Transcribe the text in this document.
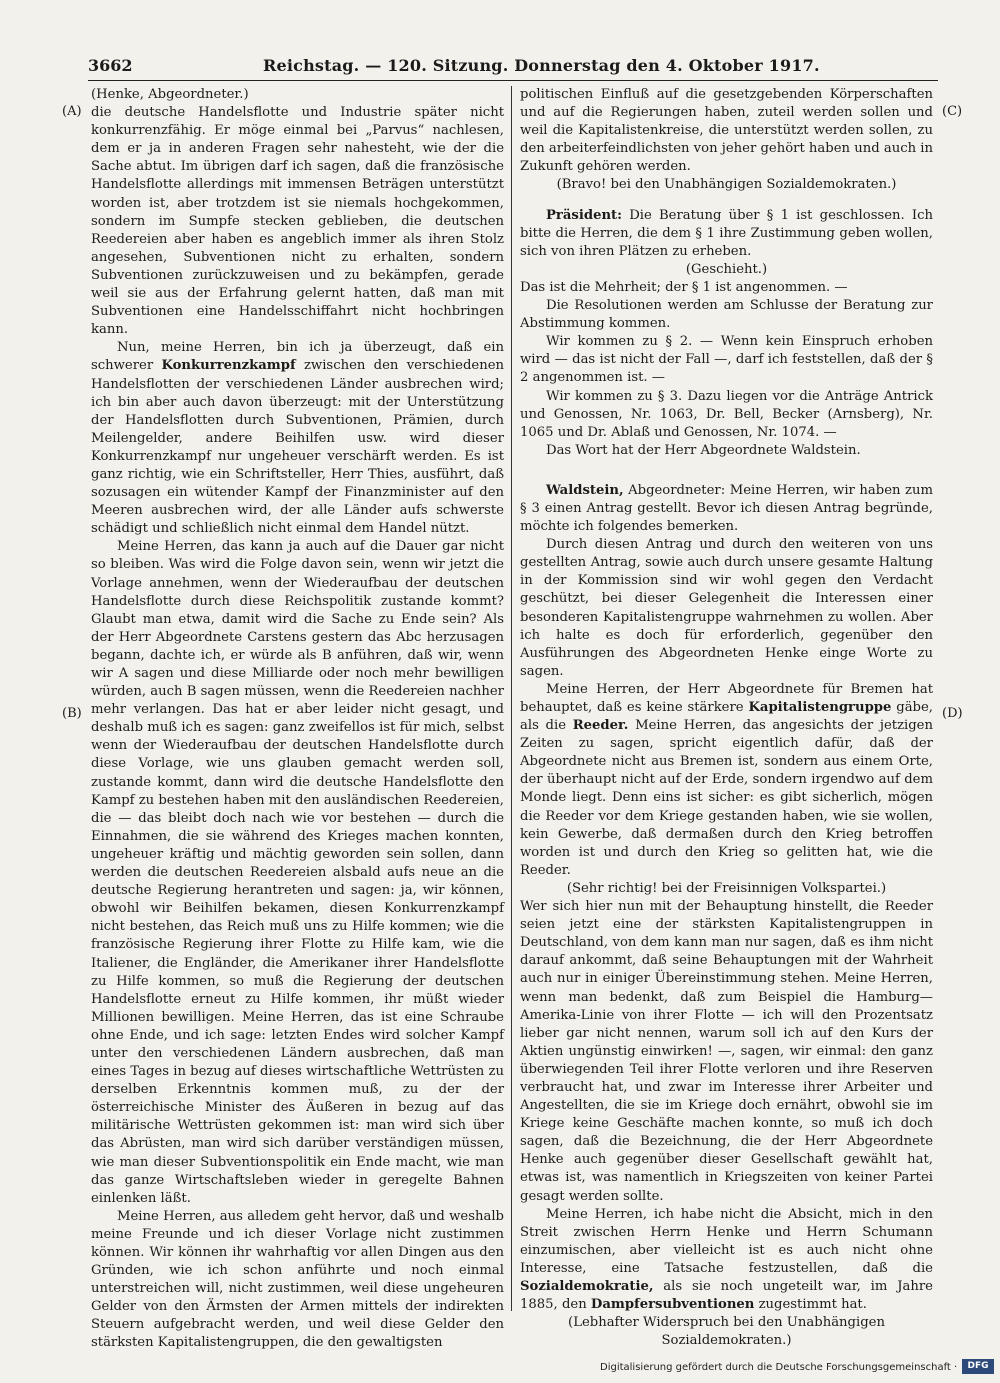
3662	Reichstag. — 120. Sitzung. Donnerstag den 4. Oktober 1917.
(A)
(B)
(C)
(D)

(Henke, Abgeordneter.)

die deutsche Handelsflotte und Industrie später nicht konkurrenzfähig. Er möge einmal bei „Parvus“ nachlesen, dem er ja in anderen Fragen sehr nahesteht, wie der die Sache abtut. Im übrigen darf ich sagen, daß die französische Handelsflotte allerdings mit immensen Beträgen unterstützt worden ist, aber trotzdem ist sie niemals hochgekommen, sondern im Sumpfe stecken geblieben, die deutschen Reedereien aber haben es angeblich immer als ihren Stolz angesehen, Subventionen nicht zu erhalten, sondern Subventionen zurückzuweisen und zu bekämpfen, gerade weil sie aus der Erfahrung gelernt hatten, daß man mit Subventionen eine Handelsschiffahrt nicht hochbringen kann.

Nun, meine Herren, bin ich ja überzeugt, daß ein schwerer Konkurrenzkampf zwischen den verschiedenen Handelsflotten der verschiedenen Länder ausbrechen wird; ich bin aber auch davon überzeugt: mit der Unterstützung der Handelsflotten durch Subventionen, Prämien, durch Meilengelder, andere Beihilfen usw. wird dieser Konkurrenzkampf nur ungeheuer verschärft werden. Es ist ganz richtig, wie ein Schriftsteller, Herr Thies, ausführt, daß sozusagen ein wütender Kampf der Finanzminister auf den Meeren ausbrechen wird, der alle Länder aufs schwerste schädigt und schließlich nicht einmal dem Handel nützt.

Meine Herren, das kann ja auch auf die Dauer gar nicht so bleiben. Was wird die Folge davon sein, wenn wir jetzt die Vorlage annehmen, wenn der Wiederaufbau der deutschen Handelsflotte durch diese Reichspolitik zustande kommt? Glaubt man etwa, damit wird die Sache zu Ende sein? Als der Herr Abgeordnete Carstens gestern das Abc herzusagen begann, dachte ich, er würde als B anführen, daß wir, wenn wir A sagen und diese Milliarde oder noch mehr bewilligen würden, auch B sagen müssen, wenn die Reedereien nachher mehr verlangen. Das hat er aber leider nicht gesagt, und deshalb muß ich es sagen: ganz zweifellos ist für mich, selbst wenn der Wiederaufbau der deutschen Handelsflotte durch diese Vorlage, wie uns glauben gemacht werden soll, zustande kommt, dann wird die deutsche Handelsflotte den Kampf zu bestehen haben mit den ausländischen Reedereien, die — das bleibt doch nach wie vor bestehen — durch die Einnahmen, die sie während des Krieges machen konnten, ungeheuer kräftig und mächtig geworden sein sollen, dann werden die deutschen Reedereien alsbald aufs neue an die deutsche Regierung herantreten und sagen: ja, wir können, obwohl wir Beihilfen bekamen, diesen Konkurrenzkampf nicht bestehen, das Reich muß uns zu Hilfe kommen; wie die französische Regierung ihrer Flotte zu Hilfe kam, wie die Italiener, die Engländer, die Amerikaner ihrer Handelsflotte zu Hilfe kommen, so muß die Regierung der deutschen Handelsflotte erneut zu Hilfe kommen, ihr müßt wieder Millionen bewilligen. Meine Herren, das ist eine Schraube ohne Ende, und ich sage: letzten Endes wird solcher Kampf unter den verschiedenen Ländern ausbrechen, daß man eines Tages in bezug auf dieses wirtschaftliche Wettrüsten zu derselben Erkenntnis kommen muß, zu der der österreichische Minister des Äußeren in bezug auf das militärische Wettrüsten gekommen ist: man wird sich über das Abrüsten, man wird sich darüber verständigen müssen, wie man dieser Subventionspolitik ein Ende macht, wie man das ganze Wirtschaftsleben wieder in geregelte Bahnen einlenken läßt.

Meine Herren, aus alledem geht hervor, daß und weshalb meine Freunde und ich dieser Vorlage nicht zustimmen können. Wir können ihr wahrhaftig vor allen Dingen aus den Gründen, wie ich schon anführte und noch einmal unterstreichen will, nicht zustimmen, weil diese ungeheuren Gelder von den Ärmsten der Armen mittels der indirekten Steuern aufgebracht werden, und weil diese Gelder den stärksten Kapitalistengruppen, die den gewaltigsten

politischen Einfluß auf die gesetzgebenden Körperschaften und auf die Regierungen haben, zuteil werden sollen und weil die Kapitalistenkreise, die unterstützt werden sollen, zu den arbeiterfeindlichsten von jeher gehört haben und auch in Zukunft gehören werden.

(Bravo! bei den Unabhängigen Sozialdemokraten.)

Präsident: Die Beratung über § 1 ist geschlossen. Ich bitte die Herren, die dem § 1 ihre Zustimmung geben wollen, sich von ihren Plätzen zu erheben.

(Geschieht.)

Das ist die Mehrheit; der § 1 ist angenommen. —

Die Resolutionen werden am Schlusse der Beratung zur Abstimmung kommen.

Wir kommen zu § 2. — Wenn kein Einspruch erhoben wird — das ist nicht der Fall —, darf ich feststellen, daß der § 2 angenommen ist. —

Wir kommen zu § 3. Dazu liegen vor die Anträge Antrick und Genossen, Nr. 1063, Dr. Bell, Becker (Arnsberg), Nr. 1065 und Dr. Ablaß und Genossen, Nr. 1074. —

Das Wort hat der Herr Abgeordnete Waldstein.

Waldstein, Abgeordneter: Meine Herren, wir haben zum § 3 einen Antrag gestellt. Bevor ich diesen Antrag begründe, möchte ich folgendes bemerken.

Durch diesen Antrag und durch den weiteren von uns gestellten Antrag, sowie auch durch unsere gesamte Haltung in der Kommission sind wir wohl gegen den Verdacht geschützt, bei dieser Gelegenheit die Interessen einer besonderen Kapitalistengruppe wahrnehmen zu wollen. Aber ich halte es doch für erforderlich, gegenüber den Ausführungen des Abgeordneten Henke einge Worte zu sagen.

Meine Herren, der Herr Abgeordnete für Bremen hat behauptet, daß es keine stärkere Kapitalistengruppe gäbe, als die Reeder. Meine Herren, das angesichts der jetzigen Zeiten zu sagen, spricht eigentlich dafür, daß der Abgeordnete nicht aus Bremen ist, sondern aus einem Orte, der überhaupt nicht auf der Erde, sondern irgendwo auf dem Monde liegt. Denn eins ist sicher: es gibt sicherlich, mögen die Reeder vor dem Kriege gestanden haben, wie sie wollen, kein Gewerbe, daß dermaßen durch den Krieg betroffen worden ist und durch den Krieg so gelitten hat, wie die Reeder.

(Sehr richtig! bei der Freisinnigen Volkspartei.)

Wer sich hier nun mit der Behauptung hinstellt, die Reeder seien jetzt eine der stärksten Kapitalistengruppen in Deutschland, von dem kann man nur sagen, daß es ihm nicht darauf ankommt, daß seine Behauptungen mit der Wahrheit auch nur in einiger Übereinstimmung stehen. Meine Herren, wenn man bedenkt, daß zum Beispiel die Hamburg—Amerika-Linie von ihrer Flotte — ich will den Prozentsatz lieber gar nicht nennen, warum soll ich auf den Kurs der Aktien ungünstig einwirken! —, sagen, wir einmal: den ganz überwiegenden Teil ihrer Flotte verloren und ihre Reserven verbraucht hat, und zwar im Interesse ihrer Arbeiter und Angestellten, die sie im Kriege doch ernährt, obwohl sie im Kriege keine Geschäfte machen konnte, so muß ich doch sagen, daß die Bezeichnung, die der Herr Abgeordnete Henke auch gegenüber dieser Gesellschaft gewählt hat, etwas ist, was namentlich in Kriegszeiten von keiner Partei gesagt werden sollte.

Meine Herren, ich habe nicht die Absicht, mich in den Streit zwischen Herrn Henke und Herrn Schumann einzumischen, aber vielleicht ist es auch nicht ohne Interesse, eine Tatsache festzustellen, daß die Sozialdemokratie, als sie noch ungeteilt war, im Jahre 1885, den Dampfersubventionen zugestimmt hat.

(Lebhafter Widerspruch bei den Unabhängigen Sozialdemokraten.)

Digitalisierung gefördert durch die Deutsche Forschungsgemeinschaft ·	DFG
